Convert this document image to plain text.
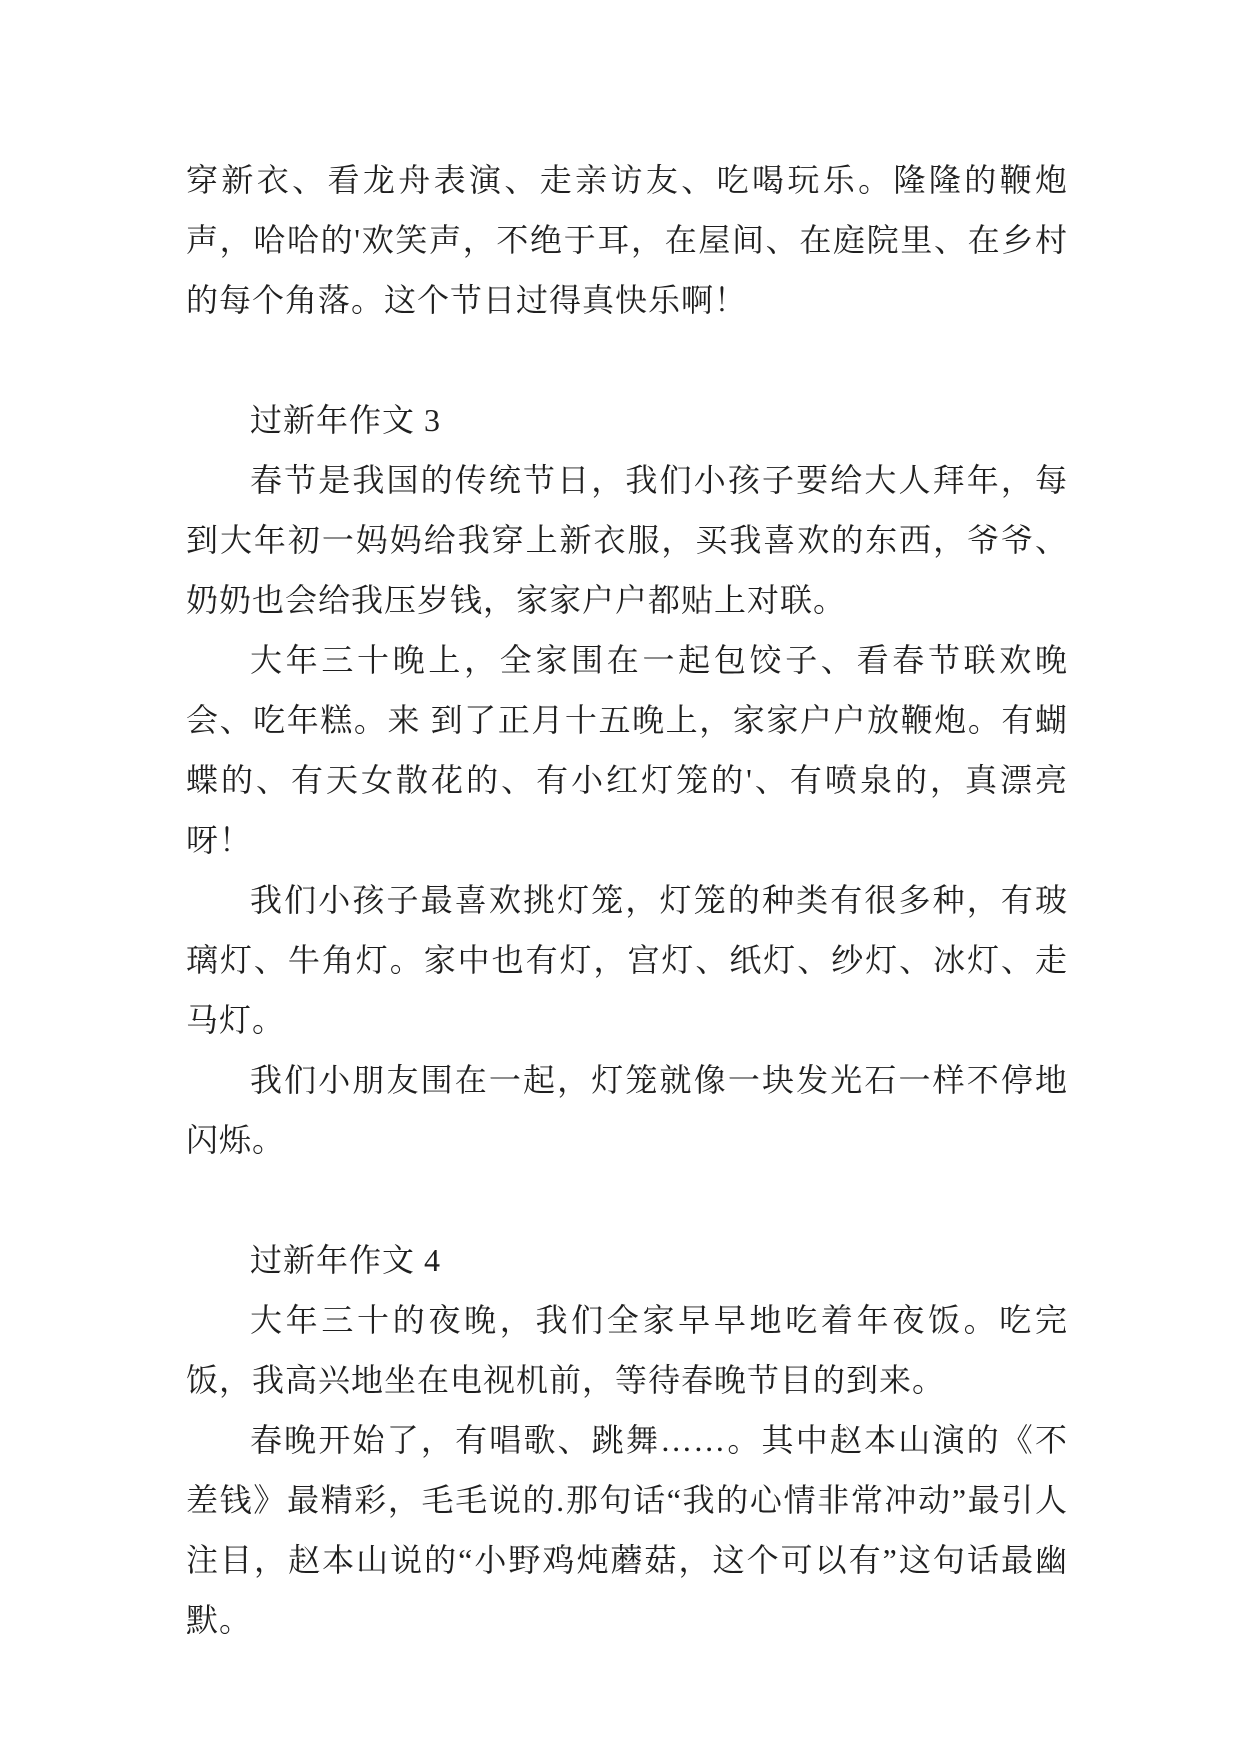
穿新衣、看龙舟表演、走亲访友、吃喝玩乐。隆隆的鞭炮声，哈哈的'欢笑声，不绝于耳，在屋间、在庭院里、在乡村的每个角落。这个节日过得真快乐啊！
过新年作文 3
春节是我国的传统节日，我们小孩子要给大人拜年，每到大年初一妈妈给我穿上新衣服，买我喜欢的东西，爷爷、奶奶也会给我压岁钱，家家户户都贴上对联。
大年三十晚上，全家围在一起包饺子、看春节联欢晚会、吃年糕。来 到了正月十五晚上，家家户户放鞭炮。有蝴蝶的、有天女散花的、有小红灯笼的'、有喷泉的，真漂亮呀！
我们小孩子最喜欢挑灯笼，灯笼的种类有很多种，有玻璃灯、牛角灯。家中也有灯，宫灯、纸灯、纱灯、冰灯、走马灯。
我们小朋友围在一起，灯笼就像一块发光石一样不停地闪烁。
过新年作文 4
大年三十的夜晚，我们全家早早地吃着年夜饭。吃完饭，我高兴地坐在电视机前，等待春晚节目的到来。
春晚开始了，有唱歌、跳舞……。其中赵本山演的《不差钱》最精彩，毛毛说的.那句话“我的心情非常冲动”最引人注目，赵本山说的“小野鸡炖蘑菇，这个可以有”这句话最幽默。
